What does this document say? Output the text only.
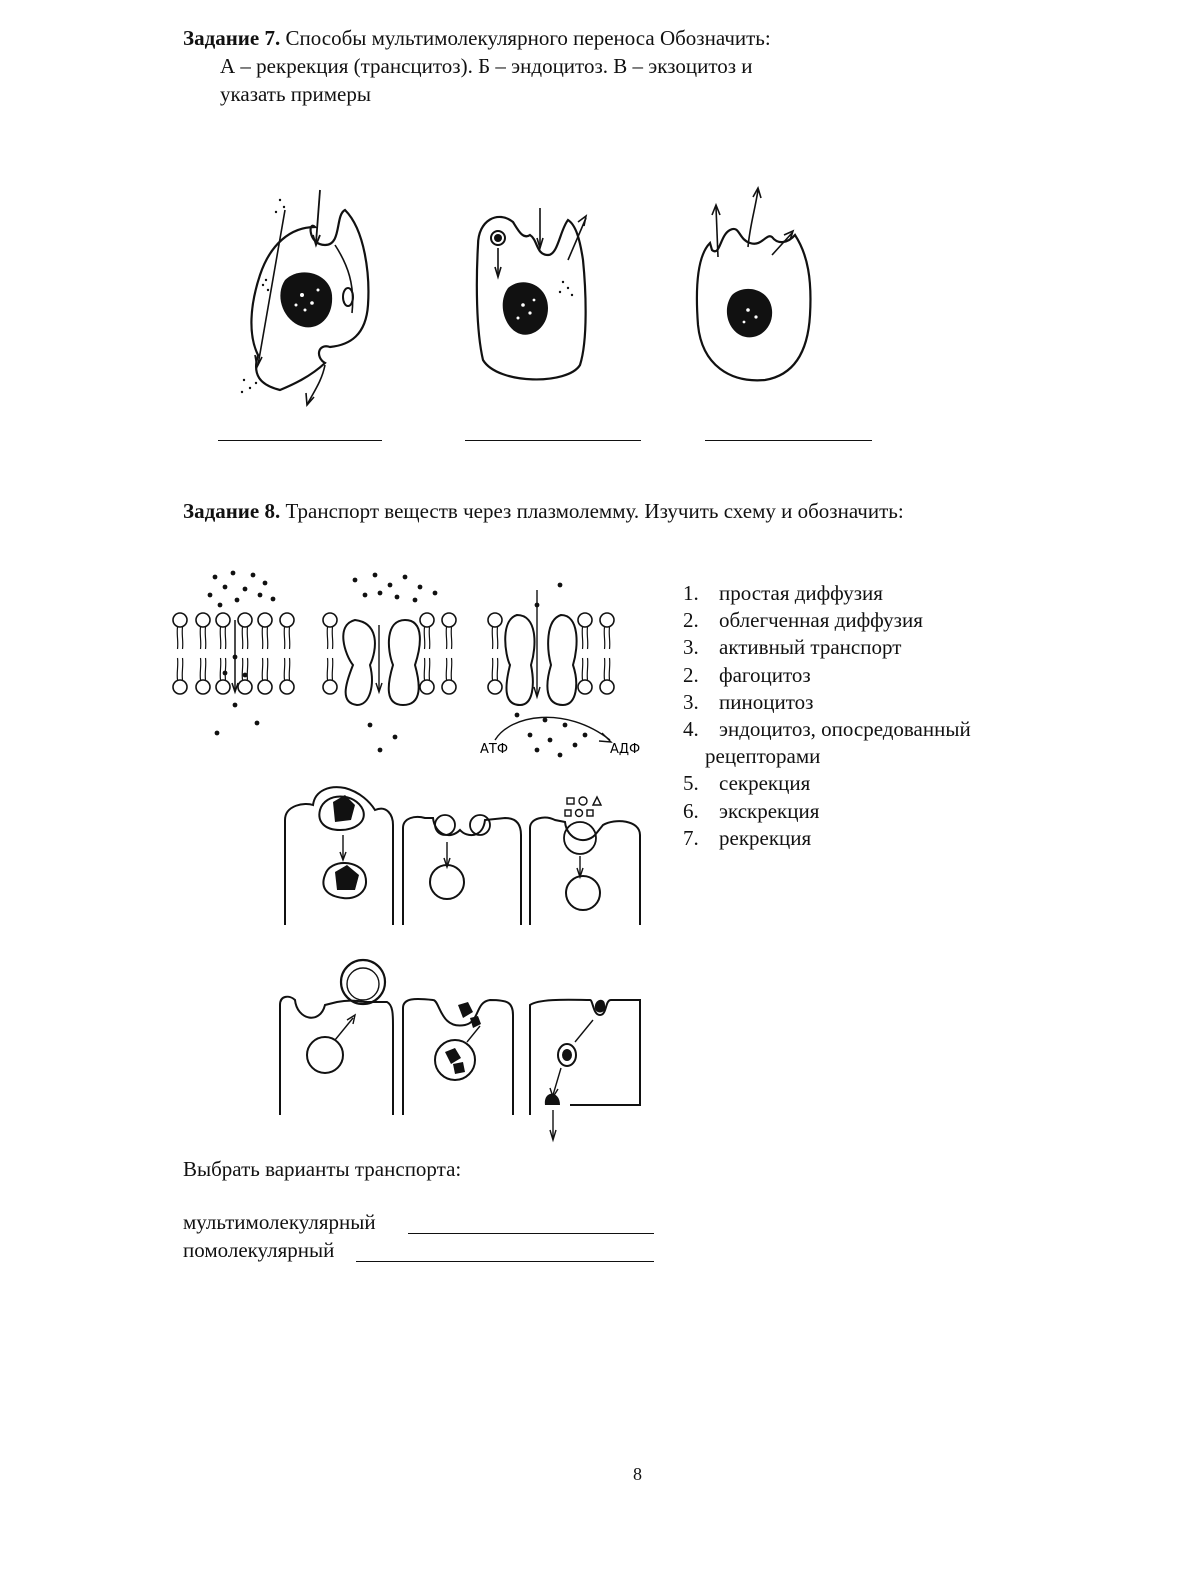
Задание 7. Способы мультимолекулярного переноса Обозначить:
А – рекрекция (трансцитоз). Б – эндоцитоз. В – экзоцитоз и
указать примеры
Задание 8. Транспорт веществ через плазмолемму. Изучить схему и обозначить:
АТФ	АДФ
1. простая диффузия
2. облегченная диффузия
3. активный транспорт
2. фагоцитоз
3. пиноцитоз
4. эндоцитоз, опосредованный
рецепторами
5. секрекция
6. экскрекция
7. рекрекция
Выбрать варианты транспорта:
мультимолекулярный
помолекулярный
8
